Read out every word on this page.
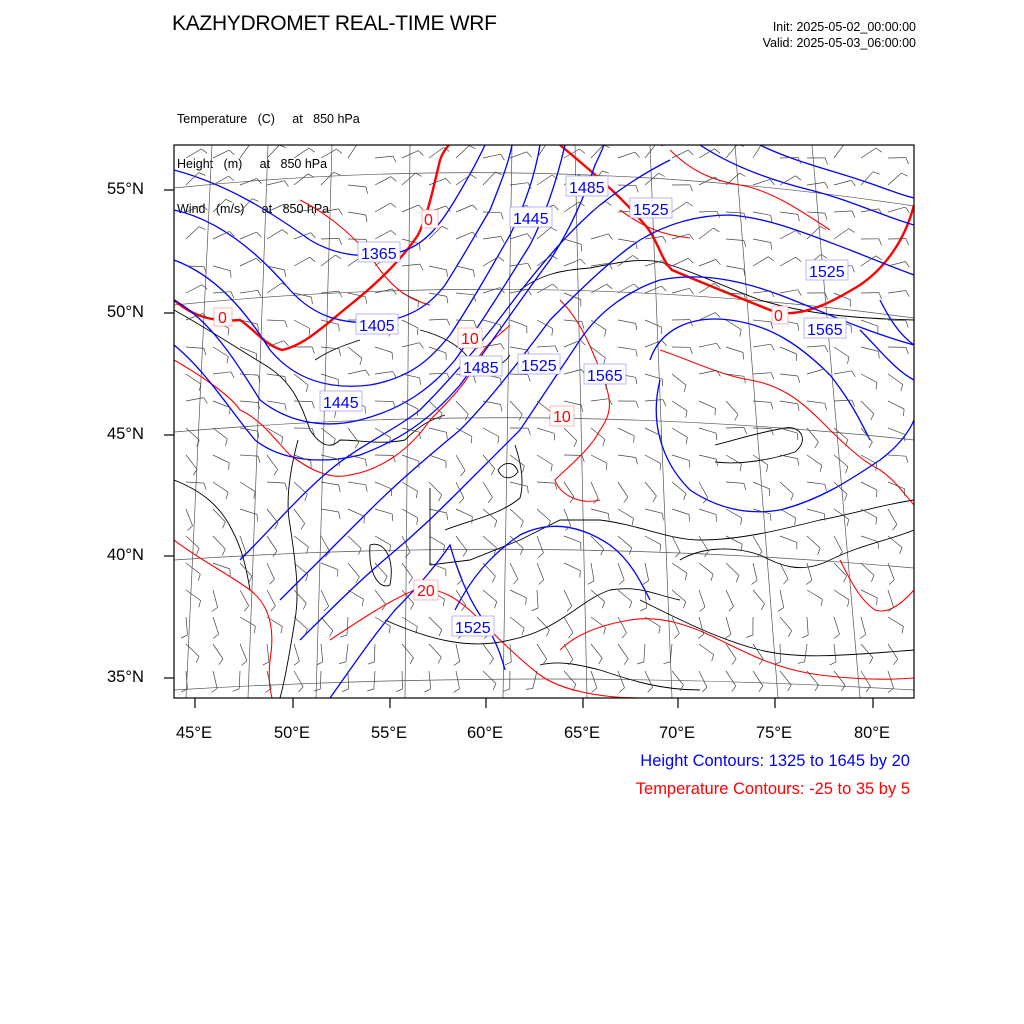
KAZHYDROMET REAL-TIME WRF	Init: 2025-05-02_00:00:00
Valid: 2025-05-03_06:00:00

Temperature   (C)     at   850 hPa

Height   (m)     at   850 hPa

Wind   (m/s)     at   850 hPa

55°N
50°N
45°N
40°N
35°N
45°E	50°E	55°E	60°E	65°E	70°E	75°E	80°E
Height Contours: 1325 to 1645 by 20
Temperature Contours: -25 to 35 by 5
1365
1405
1445
1445
1485
1485
1525
1525
1525
1525
1565
1565
0
0
0
10
10
20
